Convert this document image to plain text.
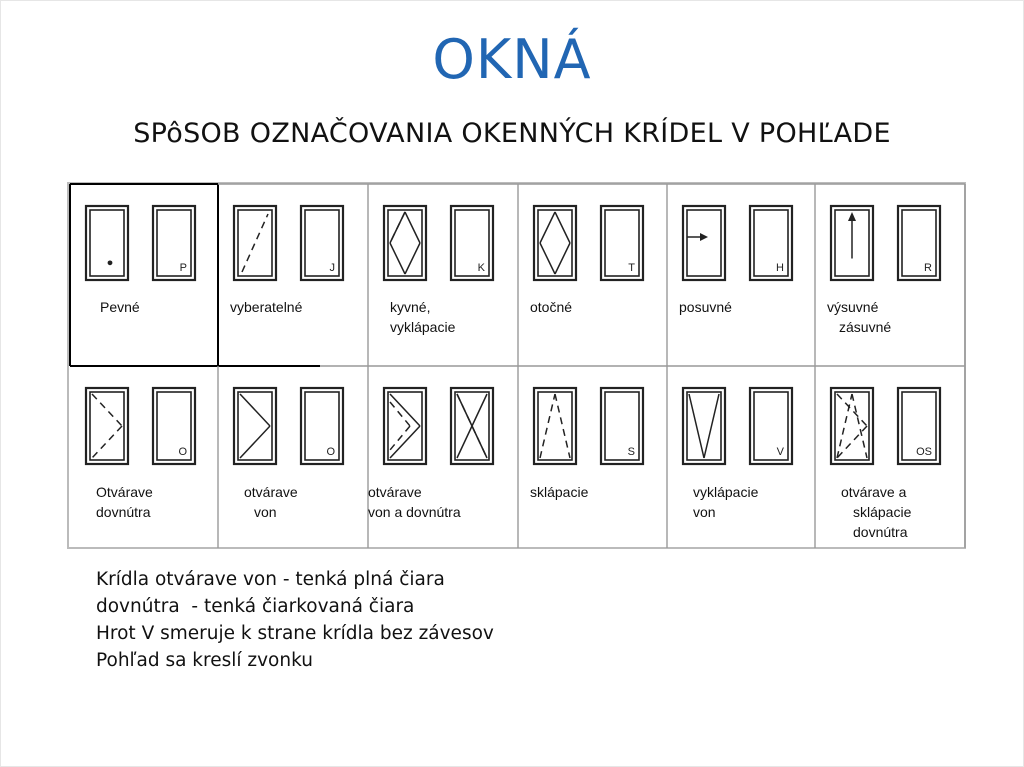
OKNÁ
SPôSOB OZNAČOVANIA OKENNÝCH KRÍDEL V POHĽADE
P
Pevné
J
vyberatelné
K
kyvné,
vyklápacie
T
otočné
H
posuvné
R
výsuvné
zásuvné
O
Otvárave
dovnútra
O
otvárave
von
otvárave
von a dovnútra
S
sklápacie
V
vyklápacie
von
OS
otvárave a
sklápacie
dovnútra
Krídla otvárave von - tenká plná čiara
dovnútra  - tenká čiarkovaná čiara
Hrot V smeruje k strane krídla bez závesov
Pohľad sa kreslí zvonku
